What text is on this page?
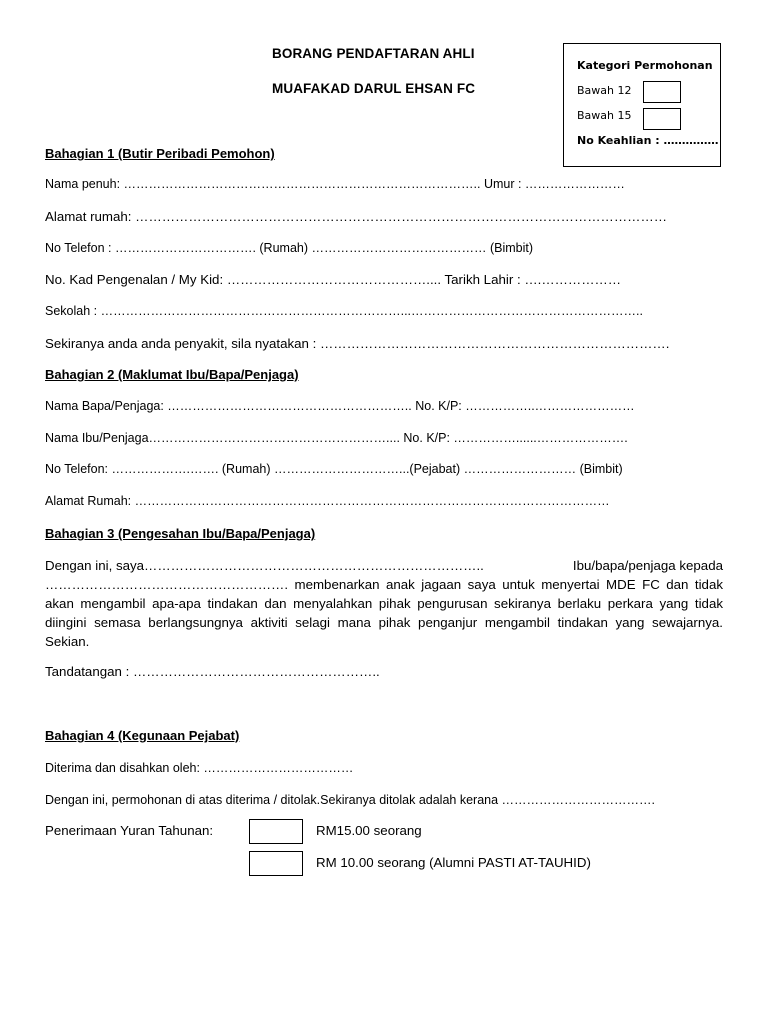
BORANG PENDAFTARAN AHLI
MUAFAKAD DARUL EHSAN FC
Kategori Permohonan
Bawah 12
Bawah 15
No Keahlian : ……………
Bahagian 1 (Butir Peribadi Pemohon)
Nama penuh: ………………………………………………………………………….. Umur : ……………………
Alamat rumah: …………………………………………………………………………………………………………
No Telefon : ……………………………. (Rumah) …………………………………… (Bimbit)
No. Kad Pengenalan / My Kid: ……………………………………….... Tarikh Lahir : ….………………
Sekolah : ………………………………………………………………...………………………………………………..
Sekiranya anda anda penyakit, sila nyatakan : …………………………………………………………………….
Bahagian 2 (Maklumat Ibu/Bapa/Penjaga)
Nama Bapa/Penjaga: ………………………………………………….. No. K/P: ……………..……………………
Nama Ibu/Penjaga………………………………………………….... No. K/P: ……………......………………….
No Telefon: ……………….……. (Rumah) …………………………...(Pejabat) ……………………… (Bimbit)
Alamat Rumah: ……………………………………………………………………………………………………
Bahagian 3 (Pengesahan Ibu/Bapa/Penjaga)
Dengan ini, saya…………………………………………………………………..	Ibu/bapa/penjaga kepada
………………………………………………. membenarkan anak jagaan saya untuk menyertai MDE FC dan tidak akan mengambil apa-apa tindakan dan menyalahkan pihak pengurusan sekiranya berlaku perkara yang tidak diingini semasa berlangsungnya aktiviti selagi mana pihak penganjur mengambil tindakan yang sewajarnya. Sekian.
Tandatangan : ………………………………………………..
Bahagian 4 (Kegunaan Pejabat)
Diterima dan disahkan oleh: ………………………………
Dengan ini, permohonan di atas diterima / ditolak.Sekiranya ditolak adalah kerana ……………………………….
Penerimaan Yuran Tahunan:	RM15.00 seorang
RM 10.00 seorang (Alumni PASTI AT-TAUHID)
